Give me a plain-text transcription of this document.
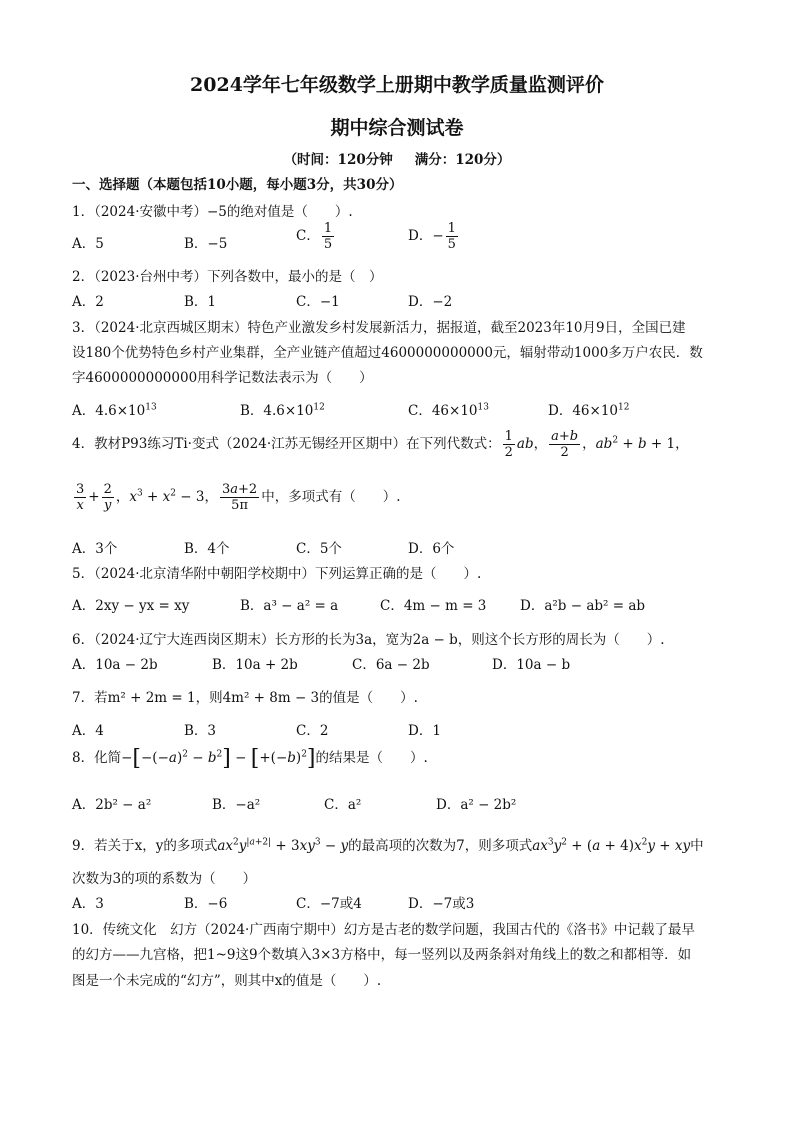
2024学年七年级数学上册期中教学质量监测评价
期中综合测试卷
（时间：120分钟 满分：120分）
一、选择题（本题包括10小题，每小题3分，共30分）
1．（2024·安徽中考）−5的绝对值是（　　）.
A．5	B．−5	C． $\frac{1}{5}$	D．− $\frac{1}{5}$
2．（2023·台州中考）下列各数中，最小的是（　）
A．2	B．1	C．−1	D．−2
3．（2024·北京西城区期末）特色产业激发乡村发展新活力，据报道，截至2023年10月9日，全国已建
设180个优势特色乡村产业集群，全产业链产值超过4600000000000元，辐射带动1000多万户农民．数
字4600000000000用科学记数法表示为（　　）
A．$4.6\times 10^{13}$	B．$4.6\times 10^{12}$	C．$46\times 10^{13}$	D．$46\times 10^{12}$
4．教材P93练习Ti·变式（2024·江苏无锡经开区期中）在下列代数式： $\frac{1}{2}$ ab， $\frac{a+b}{2}$ ，$ab^2 + b + 1$，
$\frac{3}{x} + \frac{2}{y}$ ，$x^3 + x^2 - 3$， $\frac{3a+2}{5\pi}$ 中，多项式有（　　）.
A．3个	B．4个	C．5个	D．6个
5．（2024·北京清华附中朝阳学校期中）下列运算正确的是（　　）.
A．2xy − yx = xy	B．a³ − a² = a	C．4m − m = 3 D．a²b − ab² = ab
6．（2024·辽宁大连西岗区期末）长方形的长为3a，宽为2a − b，则这个长方形的周长为（　　）.
A．10a − 2b	B．10a + 2b	C．6a − 2b	D．10a − b
7．若m² + 2m = 1，则4m² + 8m − 3的值是（　　）.
A．4	B．3	C．2	D．1
8．化简$-[-(-a)^2 - b^2] - [+(-b)^2]$的结果是（　　）.
A．2b² − a²	B．−a²	C．a²	D．a² − 2b²
9．若关于x，y的多项式$ax^2y^{|a+2|} + 3xy^3 - y$的最高项的次数为7，则多项式$ax^3y^2 + (a + 4)x^2y$ + xy中
次数为3的项的系数为（　　）
A．3	B．−6	C．−7或4	D．−7或3
10．传统文化　幻方（2024·广西南宁期中）幻方是古老的数学问题，我国古代的《洛书》中记载了最早
的幻方——九宫格，把1~9这9个数填入3×3方格中，每一竖列以及两条斜对角线上的数之和都相等．如
图是一个未完成的“幻方”，则其中x的值是（　　）.
